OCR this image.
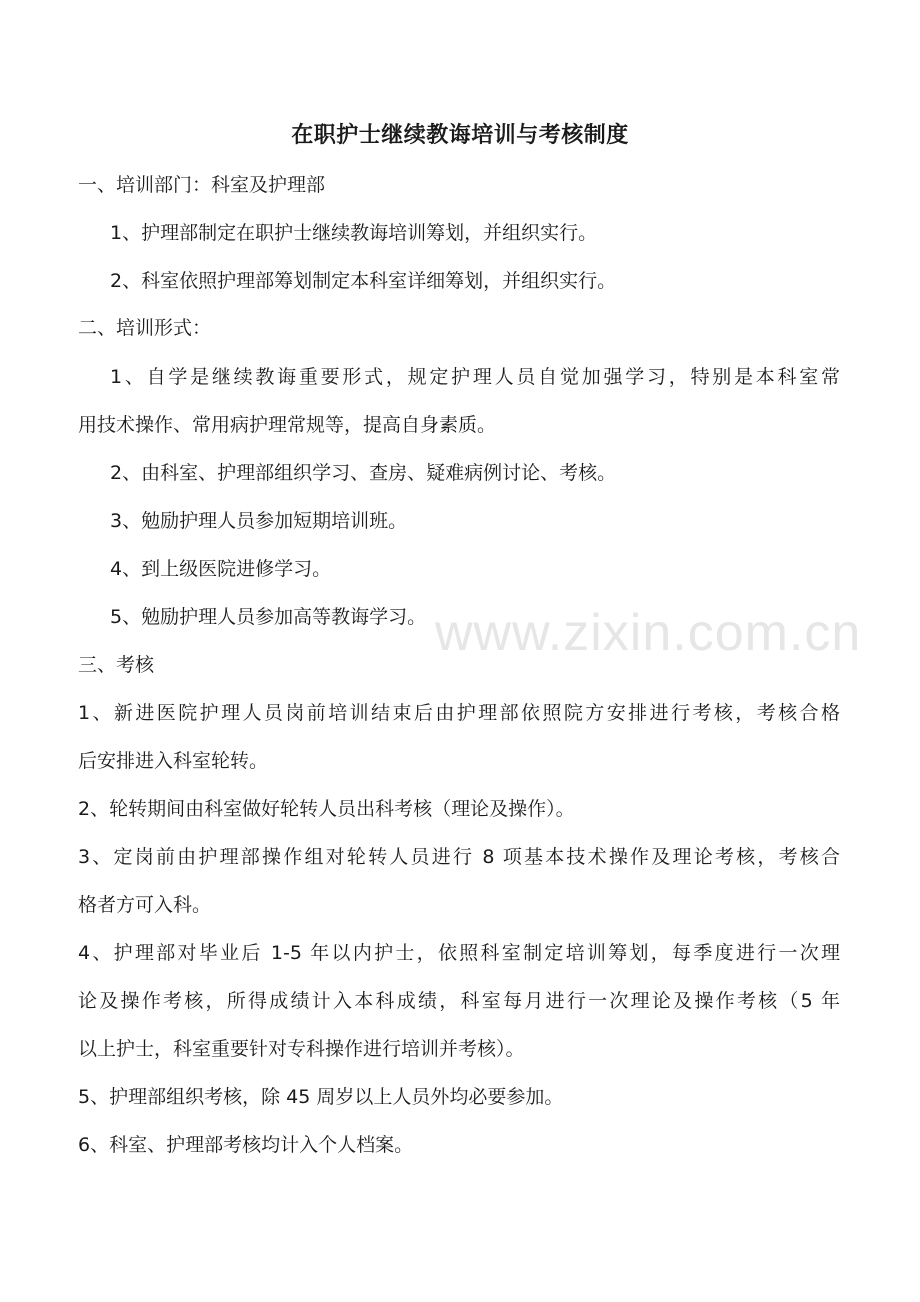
www.zixin.com.cn
在职护士继续教诲培训与考核制度
一、培训部门：科室及护理部
1、护理部制定在职护士继续教诲培训筹划，并组织实行。
2、科室依照护理部筹划制定本科室详细筹划，并组织实行。
二、培训形式：
1、自学是继续教诲重要形式，规定护理人员自觉加强学习，特别是本科室常
用技术操作、常用病护理常规等，提高自身素质。
2、由科室、护理部组织学习、查房、疑难病例讨论、考核。
3、勉励护理人员参加短期培训班。
4、到上级医院进修学习。
5、勉励护理人员参加高等教诲学习。
三、考核
1、新进医院护理人员岗前培训结束后由护理部依照院方安排进行考核，考核合格
后安排进入科室轮转。
2、轮转期间由科室做好轮转人员出科考核（理论及操作）。
3、定岗前由护理部操作组对轮转人员进行 8 项基本技术操作及理论考核，考核合
格者方可入科。
4、护理部对毕业后 1-5 年以内护士，依照科室制定培训筹划，每季度进行一次理
论及操作考核，所得成绩计入本科成绩，科室每月进行一次理论及操作考核（5 年
以上护士，科室重要针对专科操作进行培训并考核）。
5、护理部组织考核，除 45 周岁以上人员外均必要参加。
6、科室、护理部考核均计入个人档案。
